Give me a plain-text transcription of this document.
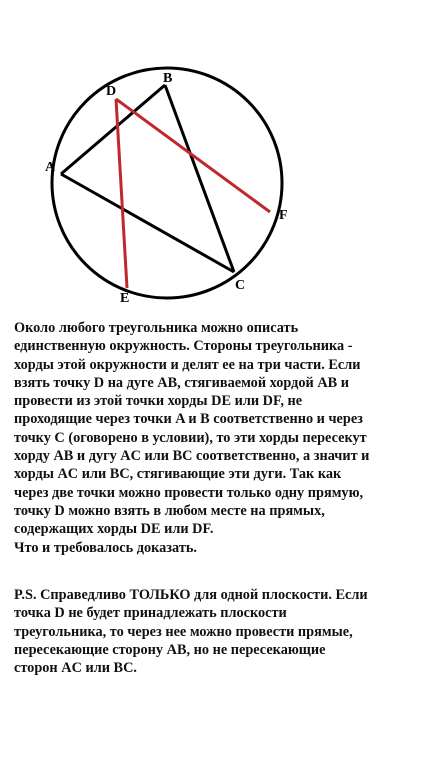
A
B
C
D
E
F
Около любого треугольника можно описать
единственную окружность. Стороны треугольника -
хорды этой окружности и делят ее на три части. Если
взять точку D на дуге AB, стягиваемой хордой AB и
провести из этой точки хорды DE или DF, не
проходящие через точки A и B соответственно и через
точку C (оговорено в условии), то эти хорды пересекут
хорду AB и дугу AC или BC соответственно, а значит и
хорды AC или BC, стягивающие эти дуги. Так как
через две точки можно провести только одну прямую,
точку D можно взять в любом месте на прямых,
содержащих хорды DE или DF.
Что и требовалось доказать.
P.S. Справедливо ТОЛЬКО для одной плоскости. Если
точка D не будет принадлежать плоскости
треугольника, то через нее можно провести прямые,
пересекающие сторону AB, но не пересекающие
сторон AC или BC.
